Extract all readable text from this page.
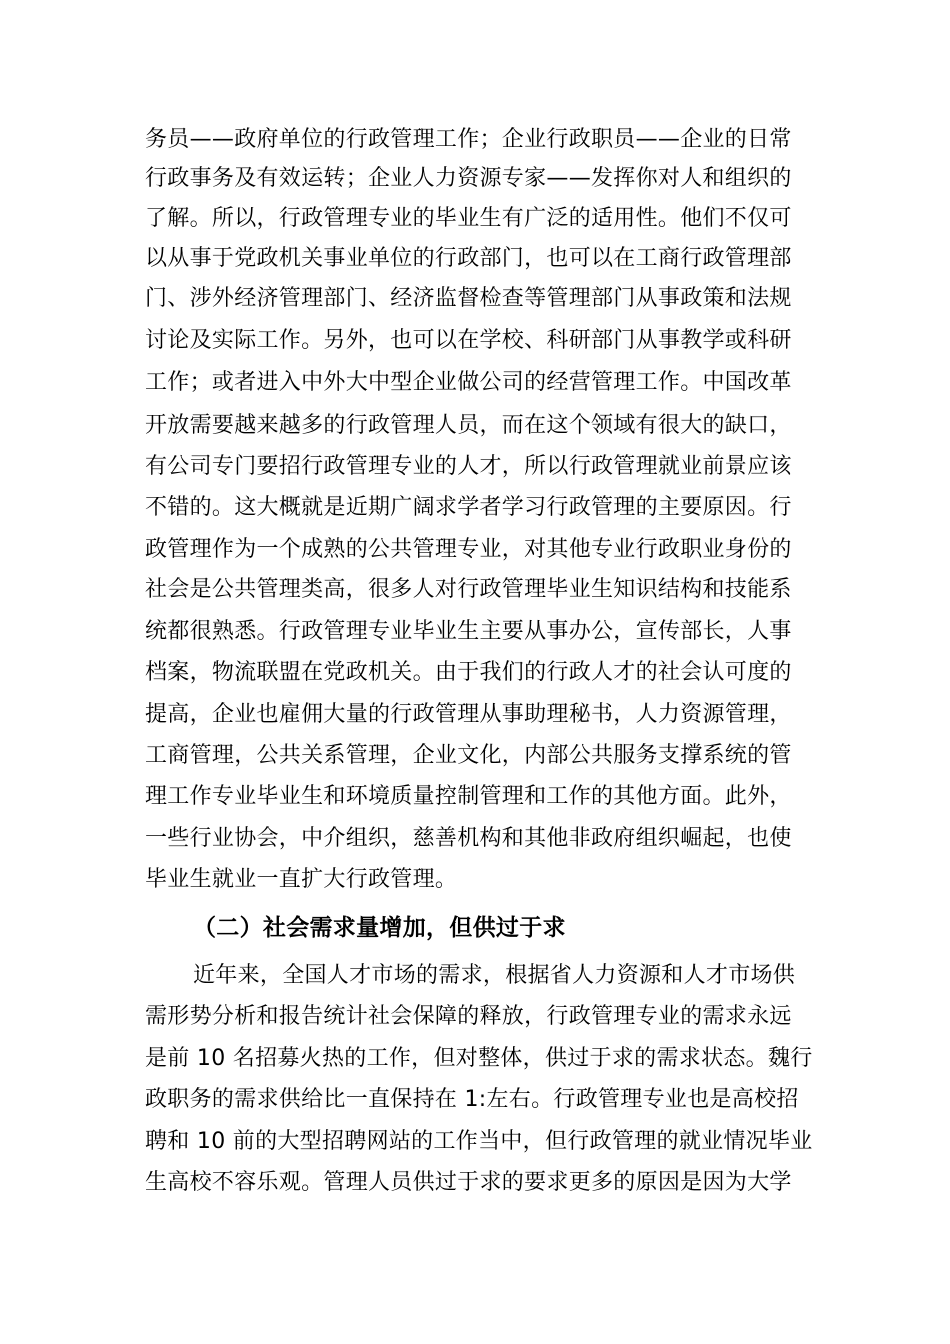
务员——政府单位的行政管理工作；企业行政职员——企业的日常
行政事务及有效运转；企业人力资源专家——发挥你对人和组织的
了解。所以，行政管理专业的毕业生有广泛的适用性。他们不仅可
以从事于党政机关事业单位的行政部门，也可以在工商行政管理部
门、涉外经济管理部门、经济监督检查等管理部门从事政策和法规
讨论及实际工作。另外，也可以在学校、科研部门从事教学或科研
工作；或者进入中外大中型企业做公司的经营管理工作。中国改革
开放需要越来越多的行政管理人员，而在这个领域有很大的缺口，
有公司专门要招行政管理专业的人才，所以行政管理就业前景应该
不错的。这大概就是近期广阔求学者学习行政管理的主要原因。行
政管理作为一个成熟的公共管理专业，对其他专业行政职业身份的
社会是公共管理类高，很多人对行政管理毕业生知识结构和技能系
统都很熟悉。行政管理专业毕业生主要从事办公，宣传部长，人事
档案，物流联盟在党政机关。由于我们的行政人才的社会认可度的
提高，企业也雇佣大量的行政管理从事助理秘书，人力资源管理，
工商管理，公共关系管理，企业文化，内部公共服务支撑系统的管
理工作专业毕业生和环境质量控制管理和工作的其他方面。此外，
一些行业协会，中介组织，慈善机构和其他非政府组织崛起，也使
毕业生就业一直扩大行政管理。
（二）社会需求量增加，但供过于求
近年来，全国人才市场的需求，根据省人力资源和人才市场供
需形势分析和报告统计社会保障的释放，行政管理专业的需求永远
是前 10 名招募火热的工作，但对整体，供过于求的需求状态。魏行
政职务的需求供给比一直保持在 1:左右。行政管理专业也是高校招
聘和 10 前的大型招聘网站的工作当中，但行政管理的就业情况毕业
生高校不容乐观。管理人员供过于求的要求更多的原因是因为大学
